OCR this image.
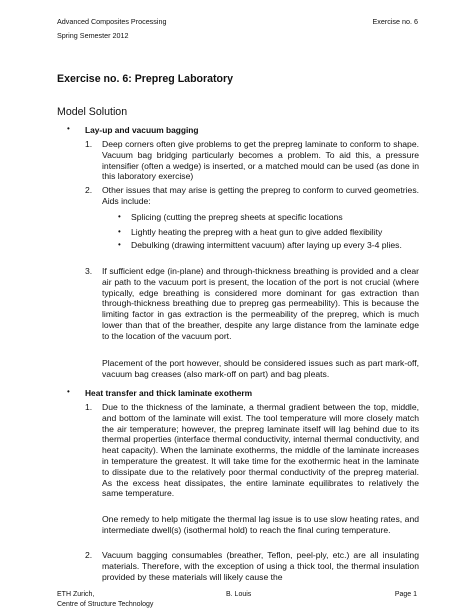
Advanced Composites Processing
Spring Semester 2012
Exercise no. 6
Exercise no. 6: Prepreg Laboratory
Model Solution
• Lay-up and vacuum bagging
1. Deep corners often give problems to get the prepreg laminate to conform to shape. Vacuum bag bridging particularly becomes a problem. To aid this, a pressure intensifier (often a wedge) is inserted, or a matched mould can be used (as done in this laboratory exercise)
2. Other issues that may arise is getting the prepreg to conform to curved geometries. Aids include:
• Splicing (cutting the prepreg sheets at specific locations
• Lightly heating the prepreg with a heat gun to give added flexibility
• Debulking (drawing intermittent vacuum) after laying up every 3-4 plies.
3. If sufficient edge (in-plane) and through-thickness breathing is provided and a clear air path to the vacuum port is present, the location of the port is not crucial (where typically, edge breathing is considered more dominant for gas extraction than through-thickness breathing due to prepreg gas permeability). This is because the limiting factor in gas extraction is the permeability of the prepreg, which is much lower than that of the breather, despite any large distance from the laminate edge to the location of the vacuum port.
Placement of the port however, should be considered issues such as part mark-off, vacuum bag creases (also mark-off on part) and bag pleats.
• Heat transfer and thick laminate exotherm
1. Due to the thickness of the laminate, a thermal gradient between the top, middle, and bottom of the laminate will exist. The tool temperature will more closely match the air temperature; however, the prepreg laminate itself will lag behind due to its thermal properties (interface thermal conductivity, internal thermal conductivity, and heat capacity). When the laminate exotherms, the middle of the laminate increases in temperature the greatest. It will take time for the exothermic heat in the laminate to dissipate due to the relatively poor thermal conductivity of the prepreg material. As the excess heat dissipates, the entire laminate equilibrates to relatively the same temperature.
One remedy to help mitigate the thermal lag issue is to use slow heating rates, and intermediate dwell(s) (isothermal hold) to reach the final curing temperature.
2. Vacuum bagging consumables (breather, Teflon, peel-ply, etc.) are all insulating materials. Therefore, with the exception of using a thick tool, the thermal insulation provided by these materials will likely cause the
ETH Zurich,
Centre of Structure Technology
B. Louis	Page 1
